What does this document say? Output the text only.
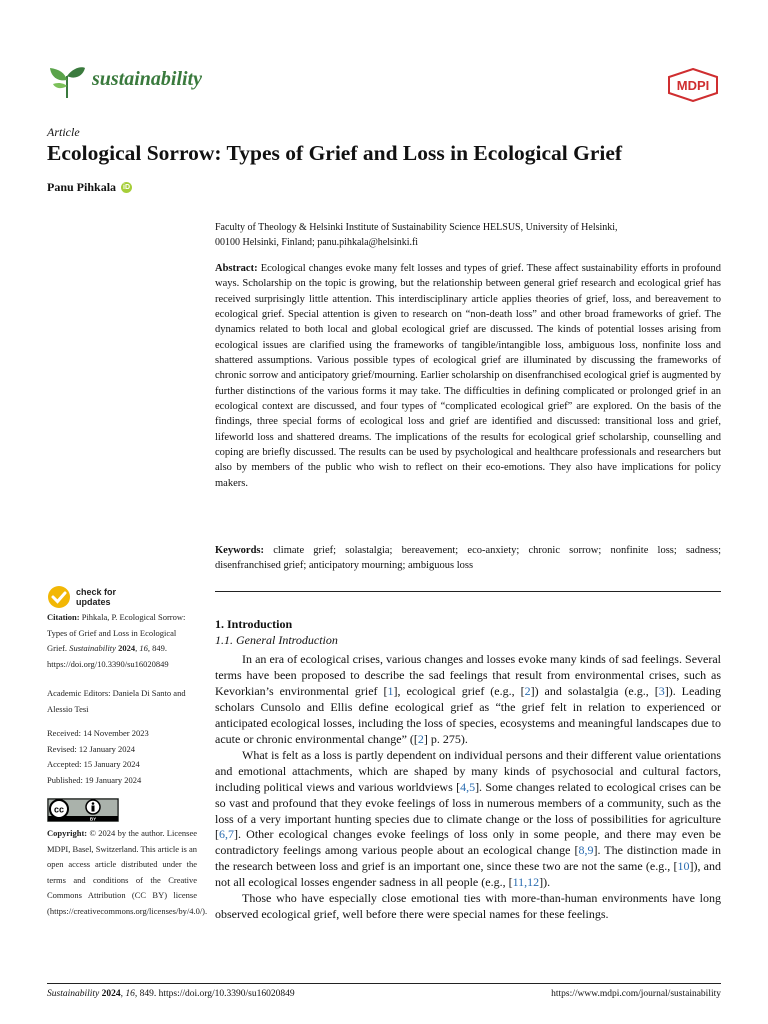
sustainability	MDPI
Article
Ecological Sorrow: Types of Grief and Loss in Ecological Grief
Panu Pihkala iD
Faculty of Theology & Helsinki Institute of Sustainability Science HELSUS, University of Helsinki,
00100 Helsinki, Finland; panu.pihkala@helsinki.fi

Abstract: Ecological changes evoke many felt losses and types of grief. These affect sustainability efforts in profound ways. Scholarship on the topic is growing, but the relationship between general grief research and ecological grief has received surprisingly little attention. This interdisciplinary article applies theories of grief, loss, and bereavement to ecological grief. Special attention is given to research on “non-death loss” and other broad frameworks of grief. The dynamics related to both local and global ecological grief are discussed. The kinds of potential losses arising from ecological issues are clarified using the frameworks of tangible/intangible loss, ambiguous loss, nonfinite loss and shattered assumptions. Various possible types of ecological grief are illuminated by discussing the frameworks of chronic sorrow and anticipatory grief/mourning. Earlier scholarship on disenfranchised ecological grief is augmented by further distinctions of the various forms it may take. The difficulties in defining complicated or prolonged grief in an ecological context are discussed, and four types of “complicated ecological grief” are explored. On the basis of the findings, three special forms of ecological loss and grief are identified and discussed: transitional loss and grief, lifeworld loss and shattered dreams. The implications of the results for ecological grief scholarship, counselling and coping are briefly discussed. The results can be used by psychological and healthcare professionals and researchers but also by members of the public who wish to reflect on their eco-emotions. They also have implications for policy makers.

Keywords: climate grief; solastalgia; bereavement; eco-anxiety; chronic sorrow; nonfinite loss; sadness; disenfranchised grief; anticipatory mourning; ambiguous loss

check for
updates

Citation: Pihkala, P. Ecological Sorrow: Types of Grief and Loss in Ecological Grief. Sustainability 2024, 16, 849. https://doi.org/10.3390/su16020849

Academic Editors: Daniela Di Santo and Alessio Tesi

Received: 14 November 2023

Revised: 12 January 2024

Accepted: 15 January 2024

Published: 19 January 2024

cc
BY

Copyright: © 2024 by the author. Licensee MDPI, Basel, Switzerland. This article is an open access article distributed under the terms and conditions of the Creative Commons Attribution (CC BY) license (https://creativecommons.org/licenses/by/4.0/).

1. Introduction
1.1. General Introduction

In an era of ecological crises, various changes and losses evoke many kinds of sad feelings. Several terms have been proposed to describe the sad feelings that result from environmental crises, such as Kevorkian’s environmental grief [1], ecological grief (e.g., [2]) and solastalgia (e.g., [3]). Leading scholars Cunsolo and Ellis define ecological grief as “the grief felt in relation to experienced or anticipated ecological losses, including the loss of species, ecosystems and meaningful landscapes due to acute or chronic environmental change” ([2] p. 275).

What is felt as a loss is partly dependent on individual persons and their different value orientations and emotional attachments, which are shaped by many kinds of psychosocial and cultural factors, including political views and various worldviews [4,5]. Some changes related to ecological crises can be so vast and profound that they evoke feelings of loss in numerous members of a community, such as the loss of a very important hunting species due to climate change or the loss of possibilities for agriculture [6,7]. Other ecological changes evoke feelings of loss only in some people, and there may even be contradictory feelings among various people about an ecological change [8,9]. The distinction made in the research between loss and grief is an important one, since these two are not the same (e.g., [10]), and not all ecological losses engender sadness in all people (e.g., [11,12]).

Those who have especially close emotional ties with more-than-human environments have long observed ecological grief, well before there were special names for these feelings.

Sustainability 2024, 16, 849. https://doi.org/10.3390/su16020849	https://www.mdpi.com/journal/sustainability
